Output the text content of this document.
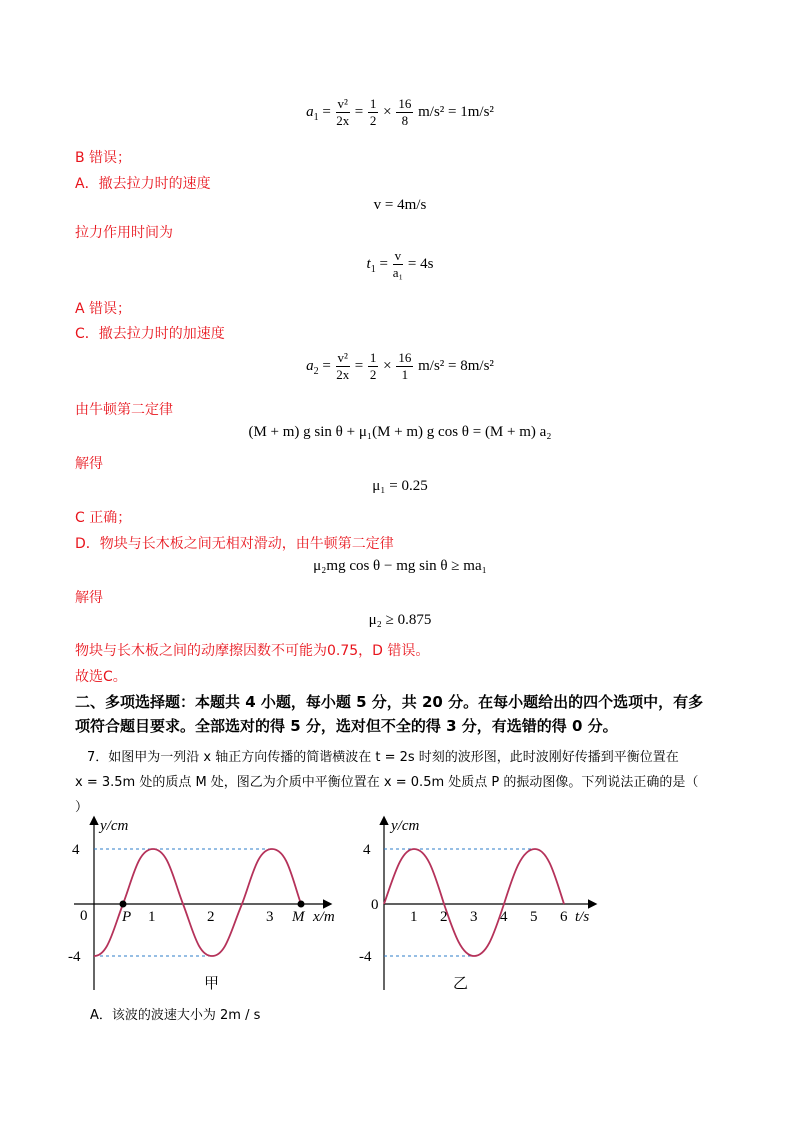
$a_1 = \frac{\text{v²}}{2x} = \frac{1}{2} \times \frac{16}{8} m/s^2 = 1m/s^2$
B 错误；
A．撤去拉力时的速度
v = 4m/s
拉力作用时间为
$t_1 = \frac{v}{\text{a₁}} = 4s$
A 错误；
C．撤去拉力时的加速度
$a_2 = \frac{\text{v²}}{2x} = \frac{1}{2} \times \frac{16}{1} m/s^2 = 8m/s^2$
由牛顿第二定律
(M + m) g sin θ + μ₁(M + m) g cos θ = (M + m) a₂
解得
μ₁ = 0.25
C 正确；
D．物块与长木板之间无相对滑动，由牛顿第二定律
μ₂mg cos θ − mg sin θ ≥ ma₁
解得
μ₂ ≥ 0.875
物块与长木板之间的动摩擦因数不可能为0.75，D 错误。
故选C。
二、多项选择题：本题共 4 小题，每小题 5 分，共 20 分。在每小题给出的四个选项中，有多
项符合题目要求。全部选对的得 5 分，选对但不全的得 3 分，有选错的得 0 分。
7．如图甲为一列沿 x 轴正方向传播的简谐横波在 t = 2s 时刻的波形图，此时波刚好传播到平衡位置在
x = 3.5m 处的质点 M 处，图乙为介质中平衡位置在 x = 0.5m 处质点 P 的振动图像。下列说法正确的是（
）
y/cm
4
-4
0 P 1	2	3 M x/m
甲
y/cm
4
-4
0
1 2 3 4 5 6 t/s
乙
A．该波的波速大小为 2m / s
